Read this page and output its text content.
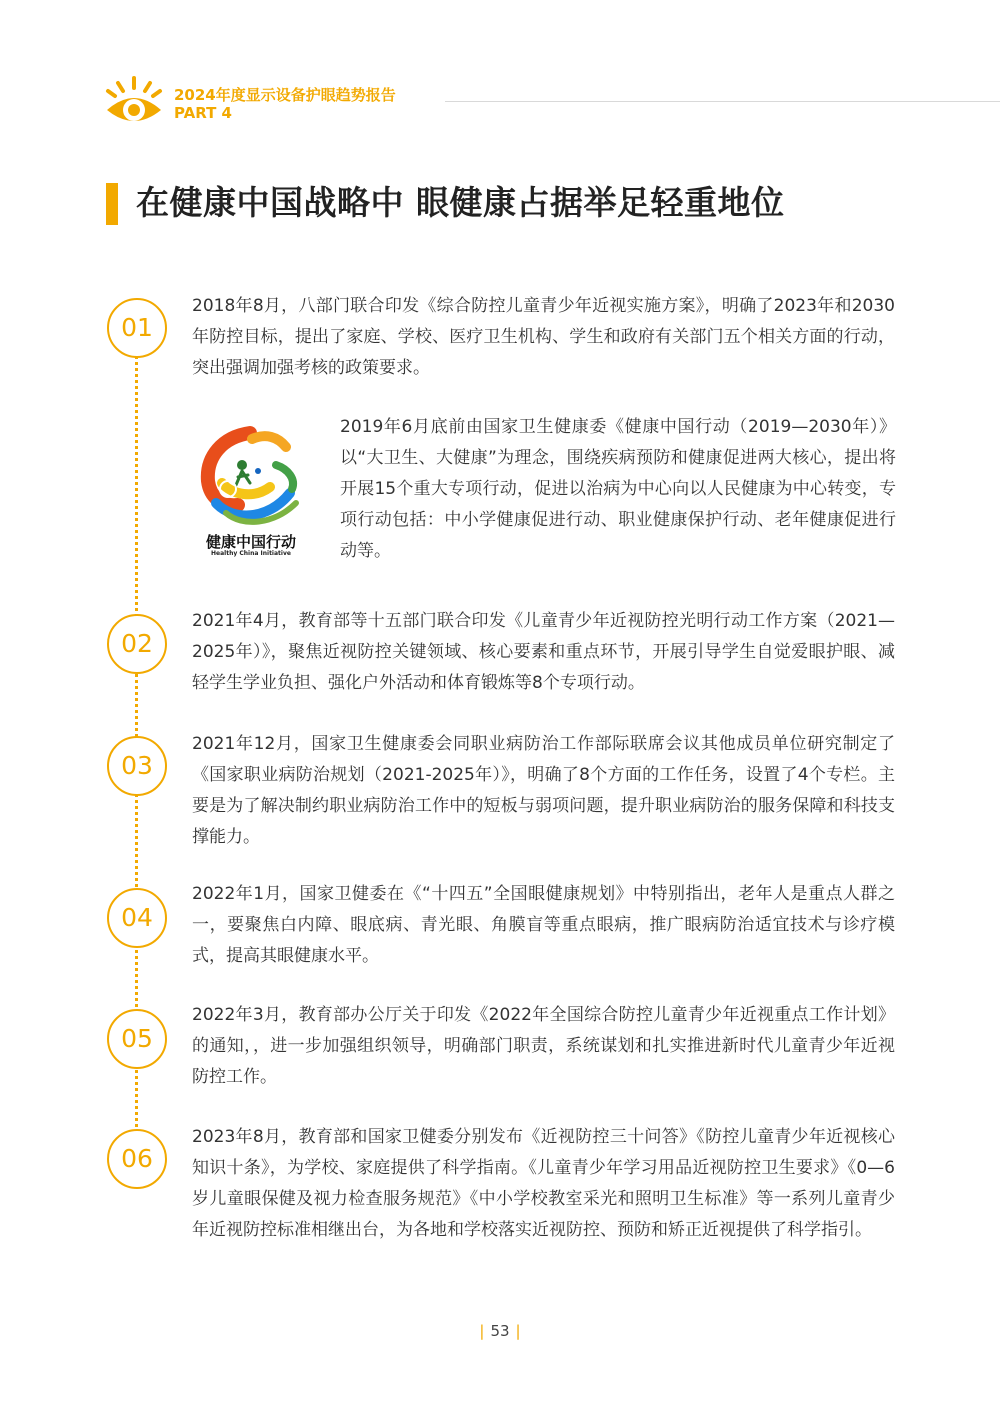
2024年度显示设备护眼趋势报告
PART 4
在健康中国战略中 眼健康占据举足轻重地位
01
02
03
04
05
06
2018年8月，八部门联合印发《综合防控儿童青少年近视实施方案》，明确了2023年和2030年防控目标，提出了家庭、学校、医疗卫生机构、学生和政府有关部门五个相关方面的行动，突出强调加强考核的政策要求。
健康中国行动
Healthy China Initiative
2019年6月底前由国家卫生健康委《健康中国行动（2019—2030年）》以“大卫生、大健康”为理念，围绕疾病预防和健康促进两大核心，提出将开展15个重大专项行动，促进以治病为中心向以人民健康为中心转变，专项行动包括：中小学健康促进行动、职业健康保护行动、老年健康促进行动等。
2021年4月，教育部等十五部门联合印发《儿童青少年近视防控光明行动工作方案（2021—2025年）》，聚焦近视防控关键领域、核心要素和重点环节，开展引导学生自觉爱眼护眼、减轻学生学业负担、强化户外活动和体育锻炼等8个专项行动。
2021年12月，国家卫生健康委会同职业病防治工作部际联席会议其他成员单位研究制定了《国家职业病防治规划（2021-2025年）》，明确了8个方面的工作任务，设置了4个专栏。主要是为了解决制约职业病防治工作中的短板与弱项问题，提升职业病防治的服务保障和科技支撑能力。
2022年1月，国家卫健委在《“十四五”全国眼健康规划》中特别指出，老年人是重点人群之一，要聚焦白内障、眼底病、青光眼、角膜盲等重点眼病，推广眼病防治适宜技术与诊疗模式，提高其眼健康水平。
2022年3月，教育部办公厅关于印发《2022年全国综合防控儿童青少年近视重点工作计划》的通知，，进一步加强组织领导，明确部门职责，系统谋划和扎实推进新时代儿童青少年近视防控工作。
2023年8月，教育部和国家卫健委分别发布《近视防控三十问答》《防控儿童青少年近视核心知识十条》，为学校、家庭提供了科学指南。《儿童青少年学习用品近视防控卫生要求》《0—6岁儿童眼保健及视力检查服务规范》《中小学校教室采光和照明卫生标准》等一系列儿童青少年近视防控标准相继出台，为各地和学校落实近视防控、预防和矫正近视提供了科学指引。
| 53 |
